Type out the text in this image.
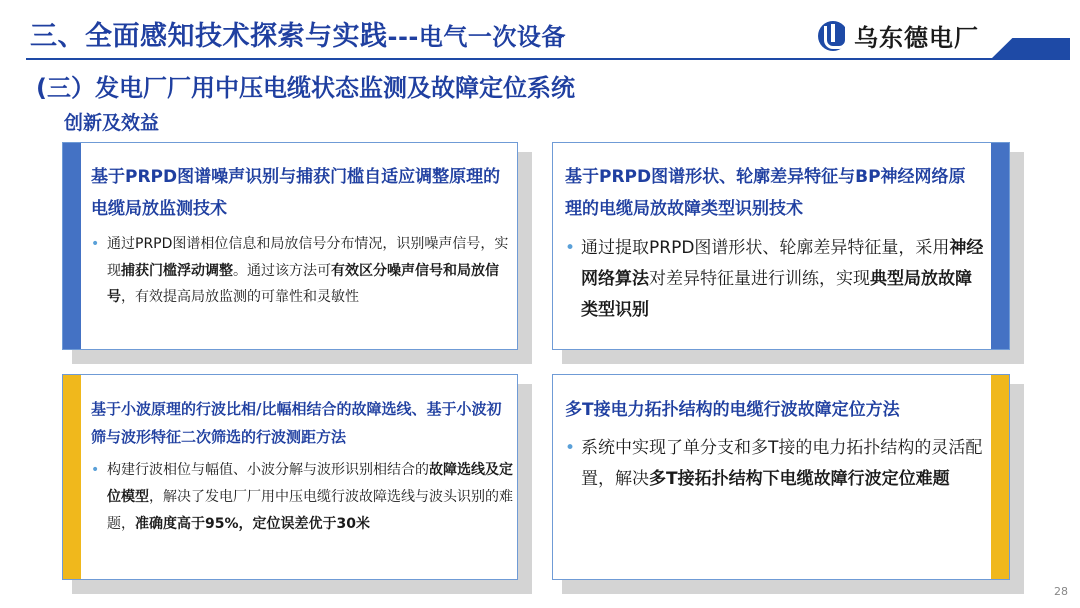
三、全面感知技术探索与实践---电气一次设备	乌东德电厂
(三）发电厂厂用中压电缆状态监测及故障定位系统
创新及效益
基于PRPD图谱噪声识别与捕获门槛自适应调整原理的电缆局放监测技术
• 通过PRPD图谱相位信息和局放信号分布情况，识别噪声信号，实现捕获门槛浮动调整。通过该方法可有效区分噪声信号和局放信号，有效提高局放监测的可靠性和灵敏性
基于PRPD图谱形状、轮廓差异特征与BP神经网络原理的电缆局放故障类型识别技术
• 通过提取PRPD图谱形状、轮廓差异特征量，采用神经网络算法对差异特征量进行训练，实现典型局放故障类型识别
基于小波原理的行波比相/比幅相结合的故障选线、基于小波初筛与波形特征二次筛选的行波测距方法
• 构建行波相位与幅值、小波分解与波形识别相结合的故障选线及定位模型，解决了发电厂厂用中压电缆行波故障选线与波头识别的难题，准确度高于95%，定位误差优于30米
多T接电力拓扑结构的电缆行波故障定位方法
• 系统中实现了单分支和多T接的电力拓扑结构的灵活配置，解决多T接拓扑结构下电缆故障行波定位难题
28
